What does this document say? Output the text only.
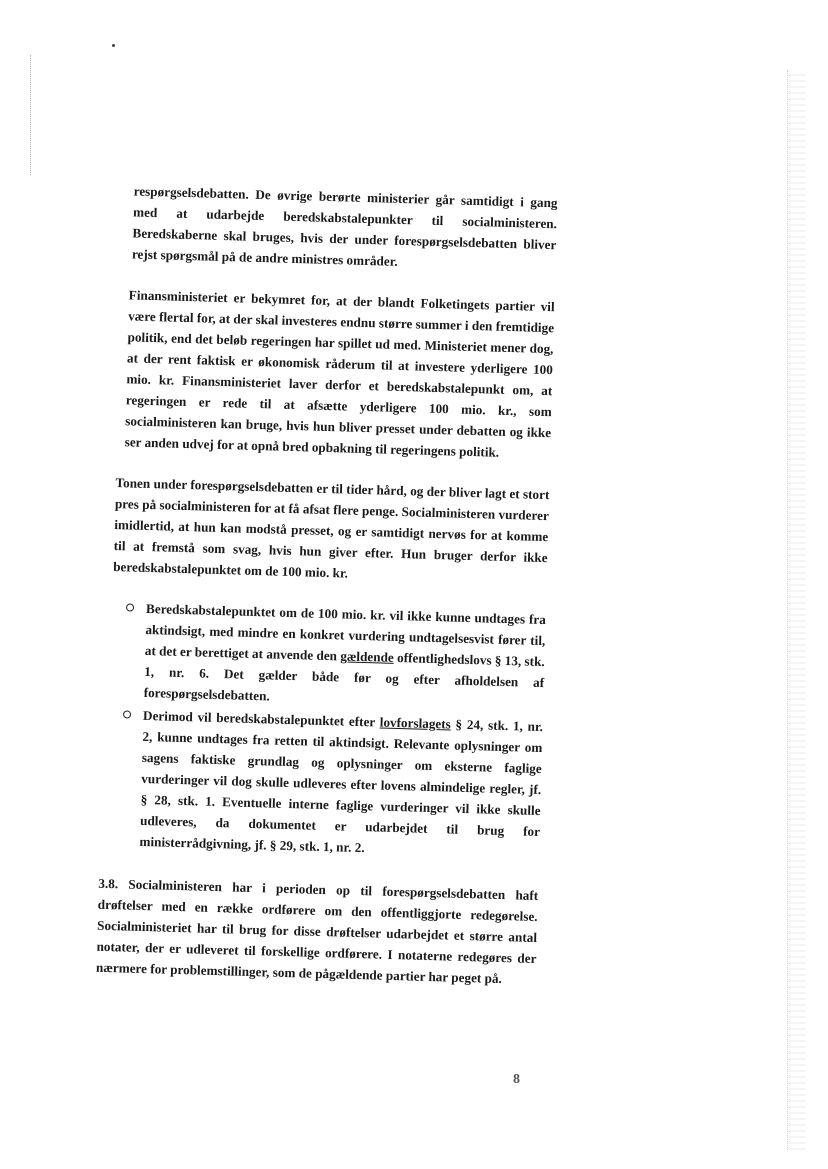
respørgselsdebatten. De øvrige berørte ministerier går samtidigt i gang med at udarbejde beredskabstalepunkter til socialministeren. Beredskaberne skal bruges, hvis der under forespørgselsdebatten bliver rejst spørgsmål på de andre ministres områder.

Finansministeriet er bekymret for, at der blandt Folketingets partier vil være flertal for, at der skal investeres endnu større summer i den fremtidige politik, end det beløb regeringen har spillet ud med. Ministeriet mener dog, at der rent faktisk er økonomisk råderum til at investere yderligere 100 mio. kr. Finansministeriet laver derfor et beredskabstalepunkt om, at regeringen er rede til at afsætte yderligere 100 mio. kr., som socialministeren kan bruge, hvis hun bliver presset under debatten og ikke ser anden udvej for at opnå bred opbakning til regeringens politik.

Tonen under forespørgselsdebatten er til tider hård, og der bliver lagt et stort pres på socialministeren for at få afsat flere penge. Socialministeren vurderer imidlertid, at hun kan modstå presset, og er samtidigt nervøs for at komme til at fremstå som svag, hvis hun giver efter. Hun bruger derfor ikke beredskabstalepunktet om de 100 mio. kr.

Beredskabstalepunktet om de 100 mio. kr. vil ikke kunne undtages fra aktindsigt, med mindre en konkret vurdering undtagelsesvist fører til, at det er berettiget at anvende den gældende offentlighedslovs § 13, stk. 1, nr. 6. Det gælder både før og efter afholdelsen af forespørgselsdebatten.
Derimod vil beredskabstalepunktet efter lovforslagets § 24, stk. 1, nr. 2, kunne undtages fra retten til aktindsigt. Relevante oplysninger om sagens faktiske grundlag og oplysninger om eksterne faglige vurderinger vil dog skulle udleveres efter lovens almindelige regler, jf. § 28, stk. 1. Eventuelle interne faglige vurderinger vil ikke skulle udleveres, da dokumentet er udarbejdet til brug for ministerrådgivning, jf. § 29, stk. 1, nr. 2.

3.8. Socialministeren har i perioden op til forespørgselsdebatten haft drøftelser med en række ordførere om den offentliggjorte redegørelse. Socialministeriet har til brug for disse drøftelser udarbejdet et større antal notater, der er udleveret til forskellige ordførere. I notaterne redegøres der nærmere for problemstillinger, som de pågældende partier har peget på.

8
